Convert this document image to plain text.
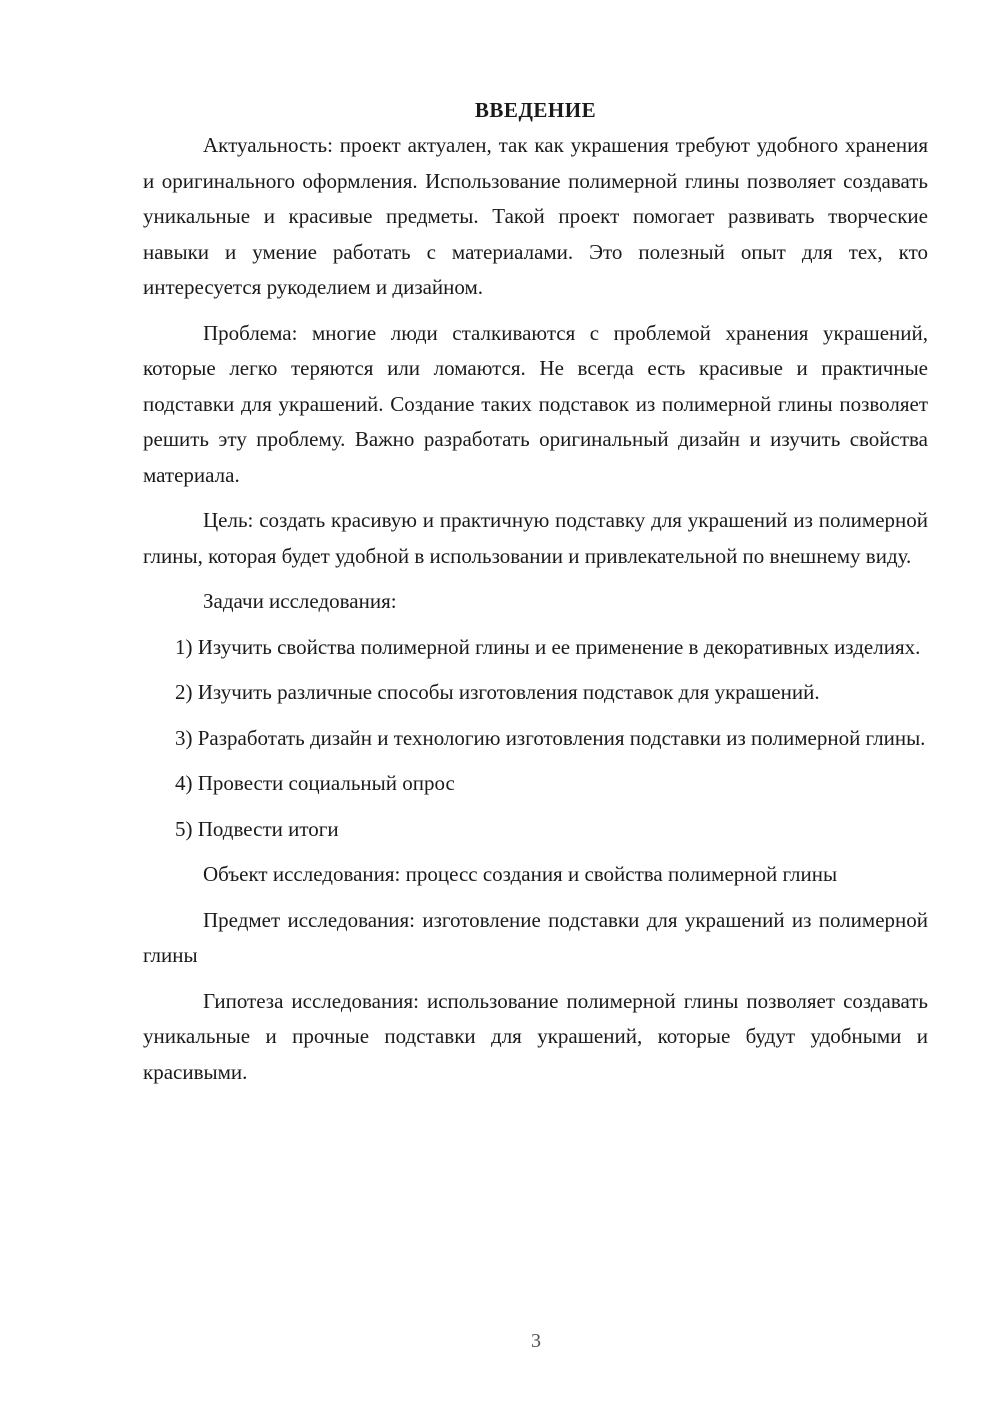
ВВЕДЕНИЕ

Актуальность: проект актуален, так как украшения требуют удобного хранения и оригинального оформления. Использование полимерной глины позволяет создавать уникальные и красивые предметы. Такой проект помогает развивать творческие навыки и умение работать с материалами. Это полезный опыт для тех, кто интересуется рукоделием и дизайном.

Проблема: многие люди сталкиваются с проблемой хранения украшений, которые легко теряются или ломаются. Не всегда есть красивые и практичные подставки для украшений. Создание таких подставок из полимерной глины позволяет решить эту проблему. Важно разработать оригинальный дизайн и изучить свойства материала.

Цель: создать красивую и практичную подставку для украшений из полимерной глины, которая будет удобной в использовании и привлекательной по внешнему виду.

Задачи исследования:

1) Изучить свойства полимерной глины и ее применение в декоративных изделиях.

2) Изучить различные способы изготовления подставок для украшений.

3) Разработать дизайн и технологию изготовления подставки из полимерной глины.

4) Провести социальный опрос

5) Подвести итоги

Объект исследования: процесс создания и свойства полимерной глины

Предмет исследования: изготовление подставки для украшений из полимерной глины

Гипотеза исследования: использование полимерной глины позволяет создавать уникальные и прочные подставки для украшений, которые будут удобными и красивыми.

3
